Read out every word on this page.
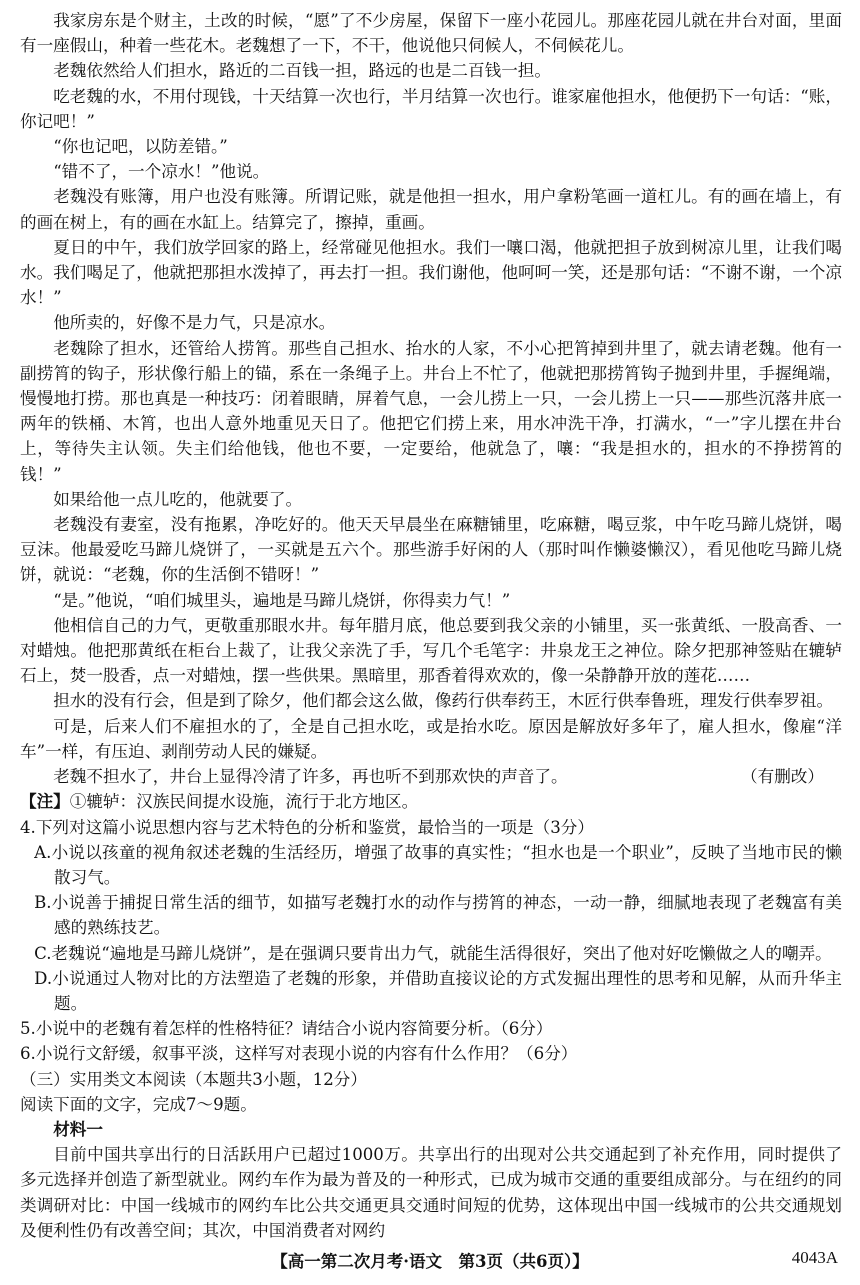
我家房东是个财主，土改的时候，“愿”了不少房屋，保留下一座小花园儿。那座花园儿就在井台对面，里面有一座假山，种着一些花木。老魏想了一下，不干，他说他只伺候人，不伺候花儿。

老魏依然给人们担水，路近的二百钱一担，路远的也是二百钱一担。

吃老魏的水，不用付现钱，十天结算一次也行，半月结算一次也行。谁家雇他担水，他便扔下一句话：“账，你记吧！”

“你也记吧，以防差错。”

“错不了，一个凉水！”他说。

老魏没有账簿，用户也没有账簿。所谓记账，就是他担一担水，用户拿粉笔画一道杠儿。有的画在墙上，有的画在树上，有的画在水缸上。结算完了，擦掉，重画。

夏日的中午，我们放学回家的路上，经常碰见他担水。我们一嚷口渴，他就把担子放到树凉儿里，让我们喝水。我们喝足了，他就把那担水泼掉了，再去打一担。我们谢他，他呵呵一笑，还是那句话：“不谢不谢，一个凉水！”

他所卖的，好像不是力气，只是凉水。

老魏除了担水，还管给人捞筲。那些自己担水、抬水的人家，不小心把筲掉到井里了，就去请老魏。他有一副捞筲的钩子，形状像行船上的锚，系在一条绳子上。井台上不忙了，他就把那捞筲钩子抛到井里，手握绳端，慢慢地打捞。那也真是一种技巧：闭着眼睛，屏着气息，一会儿捞上一只，一会儿捞上一只——那些沉落井底一两年的铁桶、木筲，也出人意外地重见天日了。他把它们捞上来，用水冲洗干净，打满水，“一”字儿摆在井台上，等待失主认领。失主们给他钱，他也不要，一定要给，他就急了，嚷：“我是担水的，担水的不挣捞筲的钱！”

如果给他一点儿吃的，他就要了。

老魏没有妻室，没有拖累，净吃好的。他天天早晨坐在麻糖铺里，吃麻糖，喝豆浆，中午吃马蹄儿烧饼，喝豆沫。他最爱吃马蹄儿烧饼了，一买就是五六个。那些游手好闲的人（那时叫作懒婆懒汉），看见他吃马蹄儿烧饼，就说：“老魏，你的生活倒不错呀！”

“是。”他说，“咱们城里头，遍地是马蹄儿烧饼，你得卖力气！”

他相信自己的力气，更敬重那眼水井。每年腊月底，他总要到我父亲的小铺里，买一张黄纸、一股高香、一对蜡烛。他把那黄纸在柜台上裁了，让我父亲洗了手，写几个毛笔字：井泉龙王之神位。除夕把那神签贴在辘轳石上，焚一股香，点一对蜡烛，摆一些供果。黑暗里，那香着得欢欢的，像一朵静静开放的莲花……

担水的没有行会，但是到了除夕，他们都会这么做，像药行供奉药王，木匠行供奉鲁班，理发行供奉罗祖。

可是，后来人们不雇担水的了，全是自己担水吃，或是抬水吃。原因是解放好多年了，雇人担水，像雇“洋车”一样，有压迫、剥削劳动人民的嫌疑。

老魏不担水了，井台上显得冷清了许多，再也听不到那欢快的声音了。	（有删改）

【注】①辘轳：汉族民间提水设施，流行于北方地区。

4.下列对这篇小说思想内容与艺术特色的分析和鉴赏，最恰当的一项是（3分）

A.小说以孩童的视角叙述老魏的生活经历，增强了故事的真实性；“担水也是一个职业”，反映了当地市民的懒散习气。

B.小说善于捕捉日常生活的细节，如描写老魏打水的动作与捞筲的神态，一动一静，细腻地表现了老魏富有美感的熟练技艺。

C.老魏说“遍地是马蹄儿烧饼”，是在强调只要肯出力气，就能生活得很好，突出了他对好吃懒做之人的嘲弄。

D.小说通过人物对比的方法塑造了老魏的形象，并借助直接议论的方式发掘出理性的思考和见解，从而升华主题。

5.小说中的老魏有着怎样的性格特征？请结合小说内容简要分析。（6分）

6.小说行文舒缓，叙事平淡，这样写对表现小说的内容有什么作用？（6分）

（三）实用类文本阅读（本题共3小题，12分）

阅读下面的文字，完成7～9题。

材料一

目前中国共享出行的日活跃用户已超过1000万。共享出行的出现对公共交通起到了补充作用，同时提供了多元选择并创造了新型就业。网约车作为最为普及的一种形式，已成为城市交通的重要组成部分。与在纽约的同类调研对比：中国一线城市的网约车比公共交通更具交通时间短的优势，这体现出中国一线城市的公共交通规划及便利性仍有改善空间；其次，中国消费者对网约

【高一第二次月考·语文　第3页（共6页）】	4043A
